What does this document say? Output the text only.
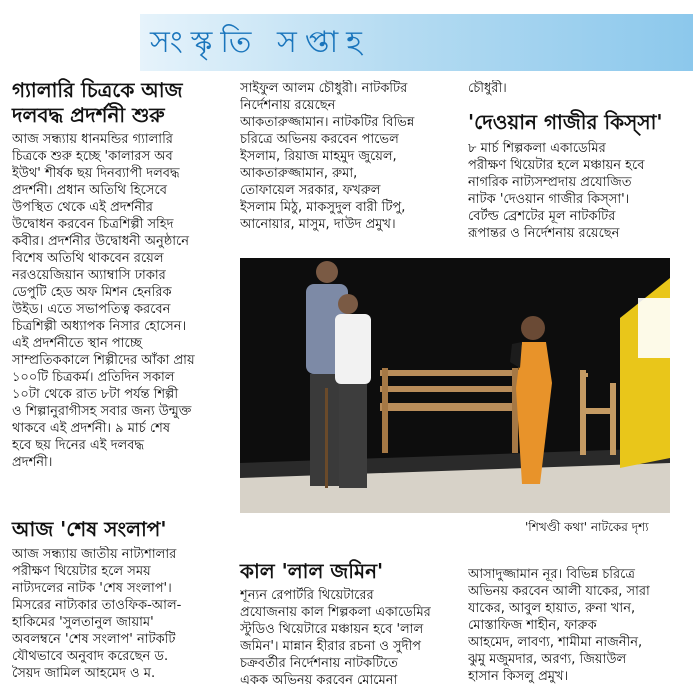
সংস্কৃতি সপ্তাহ
গ্যালারি চিত্রকে আজ
দলবদ্ধ প্রদর্শনী শুরু

আজ সন্ধ্যায় ধানমন্ডির গ্যালারি

চিত্রকে শুরু হচ্ছে 'কালারস অব

ইউথ' শীর্ষক ছয় দিনব্যাপী দলবদ্ধ

প্রদর্শনী। প্রধান অতিথি হিসেবে

উপস্থিত থেকে এই প্রদর্শনীর

উদ্বোধন করবেন চিত্রশিল্পী সহিদ

কবীর। প্রদর্শনীর উদ্বোধনী অনুষ্ঠানে

বিশেষ অতিথি থাকবেন রয়েল

নরওয়েজিয়ান অ্যাম্বাসি ঢাকার

ডেপুটি হেড অফ মিশন হেনরিক

উইড। এতে সভাপতিত্ব করবেন

চিত্রশিল্পী অধ্যাপক নিসার হোসেন।

এই প্রদর্শনীতে স্থান পাচ্ছে

সাম্প্রতিককালে শিল্পীদের আঁকা প্রায়

১০০টি চিত্রকর্ম। প্রতিদিন সকাল

১০টা থেকে রাত ৮টা পর্যন্ত শিল্পী

ও শিল্পানুরাগীসহ সবার জন্য উন্মুক্ত

থাকবে এই প্রদর্শনী। ৯ মার্চ শেষ

হবে ছয় দিনের এই দলবদ্ধ

প্রদর্শনী।

আজ 'শেষ সংলাপ'

আজ সন্ধ্যায় জাতীয় নাট্যশালার

পরীক্ষণ থিয়েটার হলে সময়

নাট্যদলের নাটক 'শেষ সংলাপ'।

মিসরের নাট্যকার তাওফিক-আল-

হাকিমের 'সুলতানুল জায়াম'

অবলম্বনে 'শেষ সংলাপ' নাটকটি

যৌথভাবে অনুবাদ করেছেন ড.

সৈয়দ জামিল আহমেদ ও ম.

সাইফুল আলম চৌধুরী। নাটকটির

নির্দেশনায় রয়েছেন

আকতারুজ্জামান। নাটকটির বিভিন্ন

চরিত্রে অভিনয় করবেন পাভেল

ইসলাম, রিয়াজ মাহমুদ জুয়েল,

আকতারুজ্জামান, রুমা,

তোফায়েল সরকার, ফখরুল

ইসলাম মিঠু, মাকসুদুল বারী টিপু,

আনোয়ার, মাসুম, দাউদ প্রমুখ।

চৌধুরী।

'দেওয়ান গাজীর কিস্সা'

৮ মার্চ শিল্পকলা একাডেমির

পরীক্ষণ থিয়েটার হলে মঞ্চায়ন হবে

নাগরিক নাট্যসম্প্রদায় প্রযোজিত

নাটক 'দেওয়ান গাজীর কিস্সা'।

বের্টল্ড ব্রেশটের মূল নাটকটির

রূপান্তর ও নির্দেশনায় রয়েছেন

'শিখণ্ডী কথা' নাটকের দৃশ্য
কাল 'লাল জমিন'

শূন্যন রেপার্টরি থিয়েটারের

প্রযোজনায় কাল শিল্পকলা একাডেমির

স্টুডিও থিয়েটারে মঞ্চায়ন হবে 'লাল

জমিন'। মান্নান হীরার রচনা ও সুদীপ

চক্রবর্তীর নির্দেশনায় নাটকটিতে

একক অভিনয় করবেন মোমেনা

আসাদুজ্জামান নূর। বিভিন্ন চরিত্রে

অভিনয় করবেন আলী যাকের, সারা

যাকের, আবুল হায়াত, রুনা খান,

মোস্তাফিজ শাহীন, ফারুক

আহমেদ, লাবণ্য, শামীমা নাজনীন,

ঝুমু মজুমদার, অরণ্য, জিয়াউল

হাসান কিসলু প্রমুখ।
